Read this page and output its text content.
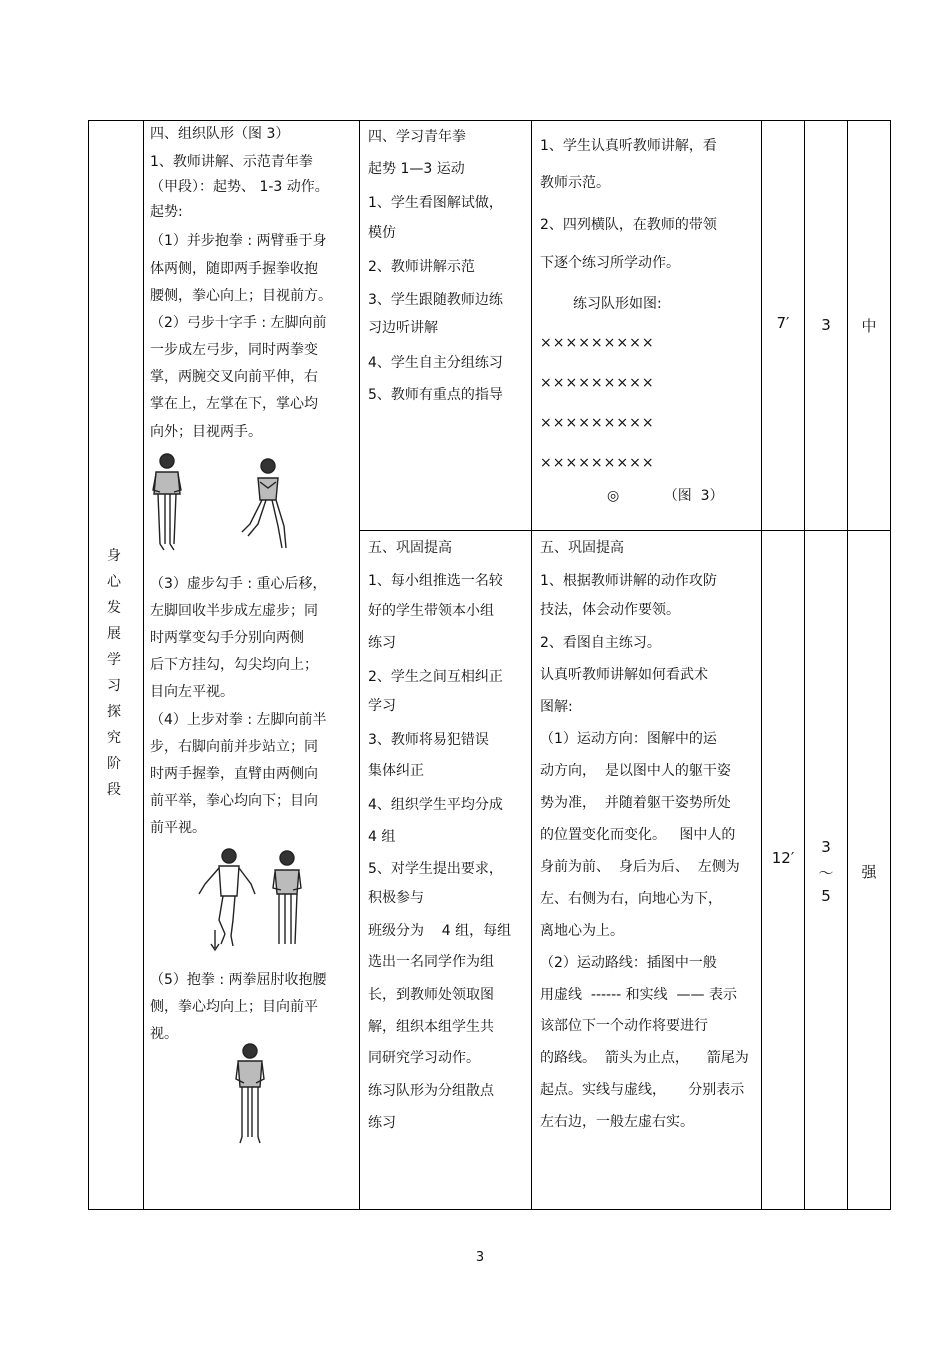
身心发展学习探究阶段
四、组织队形（图 3）
1、教师讲解、示范青年拳
（甲段）：起势、 1-3 动作。
起势:
（1）并步抱拳 : 两臂垂于身
体两侧，随即两手握拳收抱
腰侧，拳心向上；目视前方。
（2）弓步十字手 : 左脚向前
一步成左弓步，同时两拳变
掌，两腕交叉向前平伸，右
掌在上，左掌在下，掌心均
向外；目视两手。
（3）虚步勾手 : 重心后移，
左脚回收半步成左虚步；同
时两掌变勾手分别向两侧
后下方挂勾，勾尖均向上；
目向左平视。
（4）上步对拳 : 左脚向前半
步，右脚向前并步站立；同
时两手握拳，直臂由两侧向
前平举，拳心均向下；目向
前平视。
（5）抱拳 : 两拳屈肘收抱腰
侧，拳心均向上；目向前平
视。
四、学习青年拳
起势 1—3 运动
1、学生看图解试做，
模仿
2、教师讲解示范
3、学生跟随教师边练
习边听讲解
4、学生自主分组练习
5、教师有重点的指导
1、学生认真听教师讲解，看
教师示范。
2、四列横队，在教师的带领
下逐个练习所学动作。
练习队形如图:
×××××××××
×××××××××
×××××××××
×××××××××
◎          （图  3）
7′	3	中
五、巩固提高
1、每小组推选一名较
好的学生带领本小组
练习
2、学生之间互相纠正
学习
3、教师将易犯错误
集体纠正
4、组织学生平均分成
4 组
5、对学生提出要求，
积极参与
班级分为    4 组，每组
选出一名同学作为组
长，到教师处领取图
解，组织本组学生共
同研究学习动作。
练习队形为分组散点
练习
五、巩固提高
1、根据教师讲解的动作攻防
技法，体会动作要领。
2、看图自主练习。
认真听教师讲解如何看武术
图解:
（1）运动方向：图解中的运
动方向，  是以图中人的躯干姿
势为准，  并随着躯干姿势所处
的位置变化而变化。   图中人的
身前为前、  身后为后、  左侧为
左、右侧为右，向地心为下，
离地心为上。
（2）运动路线：插图中一般
用虚线  ------ 和实线  —— 表示
该部位下一个动作将要进行
的路线。  箭头为止点，    箭尾为
起点。实线与虚线，     分别表示
左右边，一般左虚右实。
12′
3
～
5
强
3
